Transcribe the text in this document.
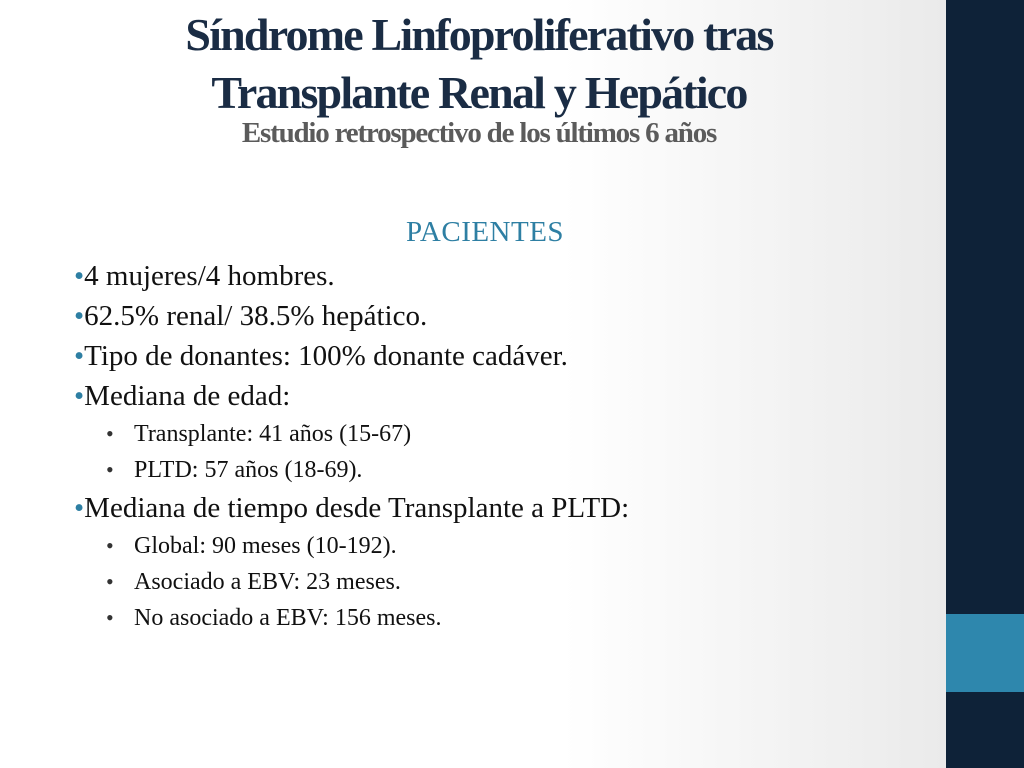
Síndrome Linfoproliferativo tras
Transplante Renal y Hepático
Estudio retrospectivo de los últimos 6 años
PACIENTES
•4 mujeres/4 hombres.
•62.5% renal/ 38.5% hepático.
•Tipo de donantes: 100% donante cadáver.
•Mediana de edad:
• Transplante: 41 años (15-67)
• PLTD: 57 años (18-69).
•Mediana de tiempo desde Transplante a PLTD:
• Global: 90 meses (10-192).
• Asociado a EBV: 23 meses.
• No asociado a EBV: 156 meses.
